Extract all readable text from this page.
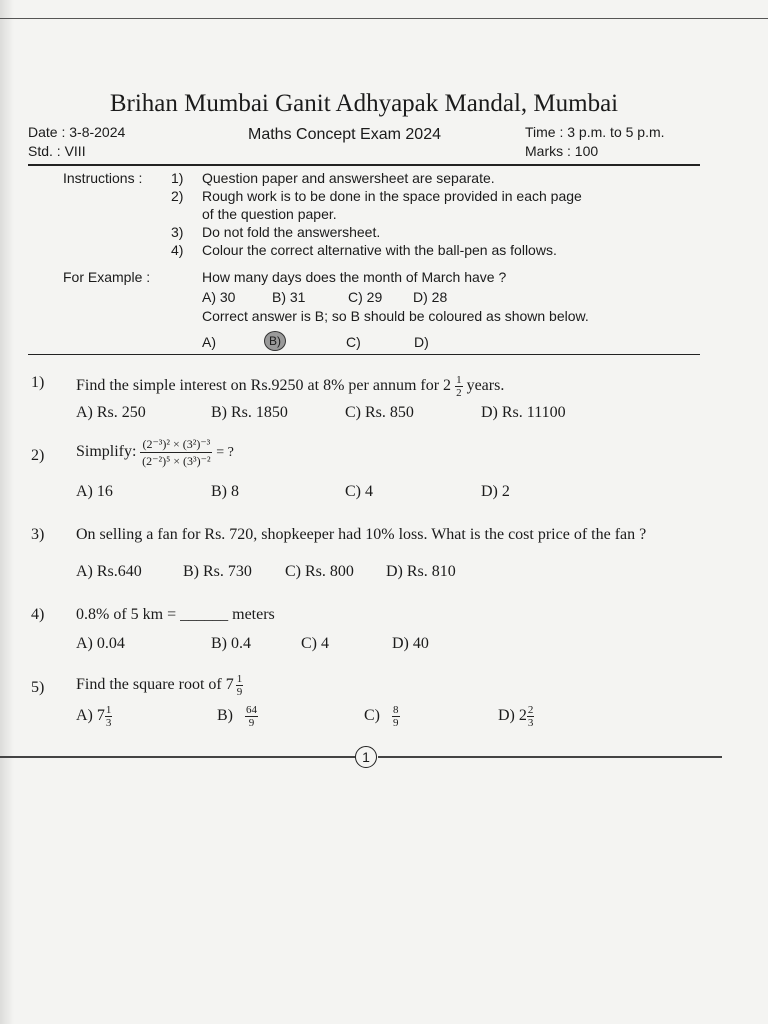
Brihan Mumbai Ganit Adhyapak Mandal, Mumbai
Date : 3-8-2024	Maths Concept Exam 2024	Time : 3 p.m. to 5 p.m.
Std. : VIII	Marks : 100
Instructions : 1) Question paper and answersheet are separate.
2) Rough work is to be done in the space provided in each page
of the question paper.
3) Do not fold the answersheet.
4) Colour the correct alternative with the ball-pen as follows.
For Example :	How many days does the month of March have ?
A) 30	B) 31	C) 29 D) 28
Correct answer is B; so B should be coloured as shown below.
A)	B)	C)	D)
1) Find the simple interest on Rs.9250 at 8% per annum for $2 \frac{1}{2}$ years.
A) Rs. 250	B) Rs. 1850	C) Rs. 850	D) Rs. 11100
2) Simplify: $\frac{\text{(2⁻³)² × (3²)⁻³}}{\text{(2⁻²)⁵ × (3³)⁻²}}$ = ?
A) 16	B) 8	C) 4	D) 2
3) On selling a fan for Rs. 720, shopkeeper had 10% loss. What is the cost price of the fan ?
A) Rs.640	B) Rs. 730 C) Rs. 800 D) Rs. 810
4) 0.8% of 5 km = ______ meters
A) 0.04	B) 0.4	C) 4	D) 40
5) Find the square root of $7 \frac{1}{9}$
A) $7 \frac{1}{3}$	$B) \frac{64}{9}$	$C) \frac{8}{9}$	D) $2 \frac{2}{3}$
1
